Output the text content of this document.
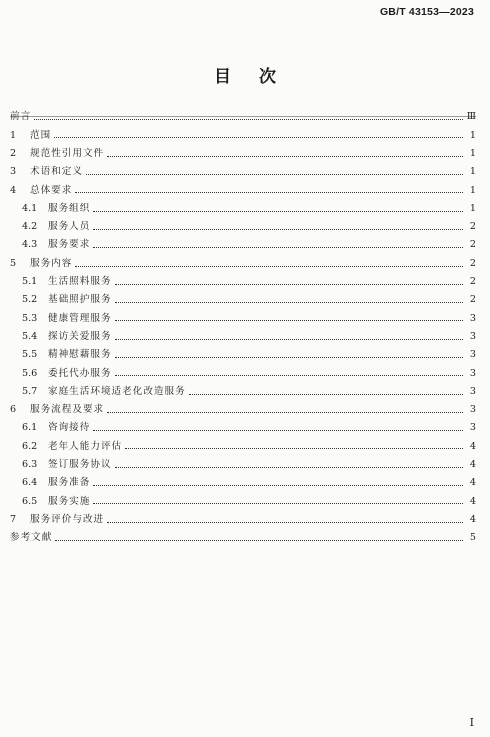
GB/T 43153—2023
目 次
前言	Ⅲ
1	范围	1
2	规范性引用文件	1
3	术语和定义	1
4	总体要求	1
4.1	服务组织	1
4.2	服务人员	2
4.3	服务要求	2
5	服务内容	2
5.1	生活照料服务	2
5.2	基础照护服务	2
5.3	健康管理服务	3
5.4	探访关爱服务	3
5.5	精神慰藉服务	3
5.6	委托代办服务	3
5.7	家庭生活环境适老化改造服务	3
6	服务流程及要求	3
6.1	咨询接待	3
6.2	老年人能力评估	4
6.3	签订服务协议	4
6.4	服务准备	4
6.5	服务实施	4
7	服务评价与改进	4
参考文献	5
I
